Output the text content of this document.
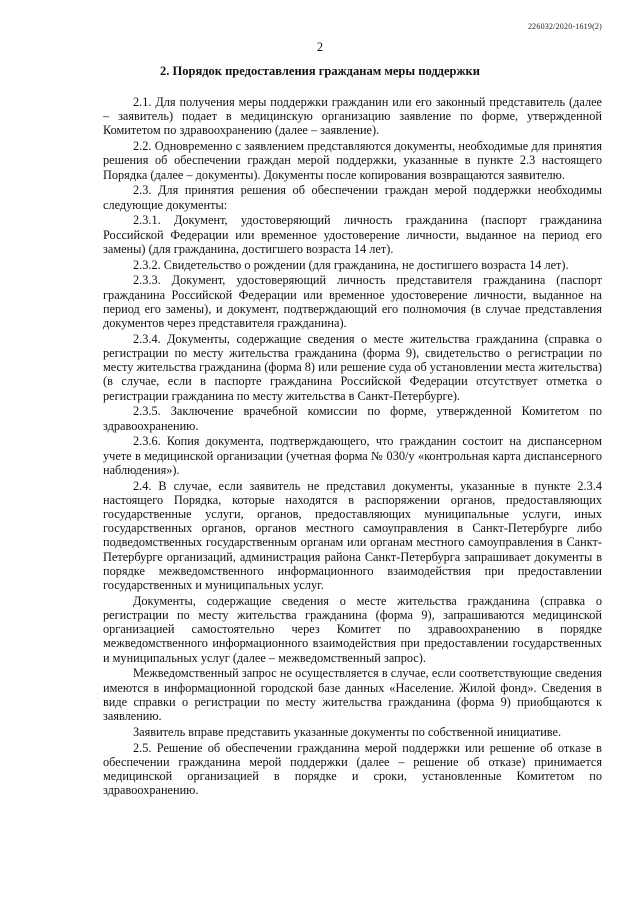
226032/2020-1619(2)
2
2. Порядок предоставления гражданам меры поддержки

2.1. Для получения меры поддержки гражданин или его законный представитель (далее – заявитель) подает в медицинскую организацию заявление по форме, утвержденной Комитетом по здравоохранению (далее – заявление).

2.2. Одновременно с заявлением представляются документы, необходимые для принятия решения об обеспечении граждан мерой поддержки, указанные в пункте 2.3 настоящего Порядка (далее – документы). Документы после копирования возвращаются заявителю.

2.3. Для принятия решения об обеспечении граждан мерой поддержки необходимы следующие документы:

2.3.1. Документ, удостоверяющий личность гражданина (паспорт гражданина Российской Федерации или временное удостоверение личности, выданное на период его замены) (для гражданина, достигшего возраста 14 лет).

2.3.2. Свидетельство о рождении (для гражданина, не достигшего возраста 14 лет).

2.3.3. Документ, удостоверяющий личность представителя гражданина (паспорт гражданина Российской Федерации или временное удостоверение личности, выданное на период его замены), и документ, подтверждающий его полномочия (в случае представления документов через представителя гражданина).

2.3.4. Документы, содержащие сведения о месте жительства гражданина (справка о регистрации по месту жительства гражданина (форма 9), свидетельство о регистрации по месту жительства гражданина (форма 8) или решение суда об установлении места жительства) (в случае, если в паспорте гражданина Российской Федерации отсутствует отметка о регистрации гражданина по месту жительства в Санкт-Петербурге).

2.3.5. Заключение врачебной комиссии по форме, утвержденной Комитетом по здравоохранению.

2.3.6. Копия документа, подтверждающего, что гражданин состоит на диспансерном учете в медицинской организации (учетная форма № 030/у «контрольная карта диспансерного наблюдения»).

2.4. В случае, если заявитель не представил документы, указанные в пункте 2.3.4 настоящего Порядка, которые находятся в распоряжении органов, предоставляющих государственные услуги, органов, предоставляющих муниципальные услуги, иных государственных органов, органов местного самоуправления в Санкт-Петербурге либо подведомственных государственным органам или органам местного самоуправления в Санкт-Петербурге организаций, администрация района Санкт-Петербурга запрашивает документы в порядке межведомственного информационного взаимодействия при предоставлении государственных и муниципальных услуг.

Документы, содержащие сведения о месте жительства гражданина (справка о регистрации по месту жительства гражданина (форма 9), запрашиваются медицинской организацией самостоятельно через Комитет по здравоохранению в порядке межведомственного информационного взаимодействия при предоставлении государственных и муниципальных услуг (далее – межведомственный запрос).

Межведомственный запрос не осуществляется в случае, если соответствующие сведения имеются в информационной городской базе данных «Население. Жилой фонд». Сведения в виде справки о регистрации по месту жительства гражданина (форма 9) приобщаются к заявлению.

Заявитель вправе представить указанные документы по собственной инициативе.

2.5. Решение об обеспечении гражданина мерой поддержки или решение об отказе в обеспечении гражданина мерой поддержки (далее – решение об отказе) принимается медицинской организацией в порядке и сроки, установленные Комитетом по здравоохранению.
